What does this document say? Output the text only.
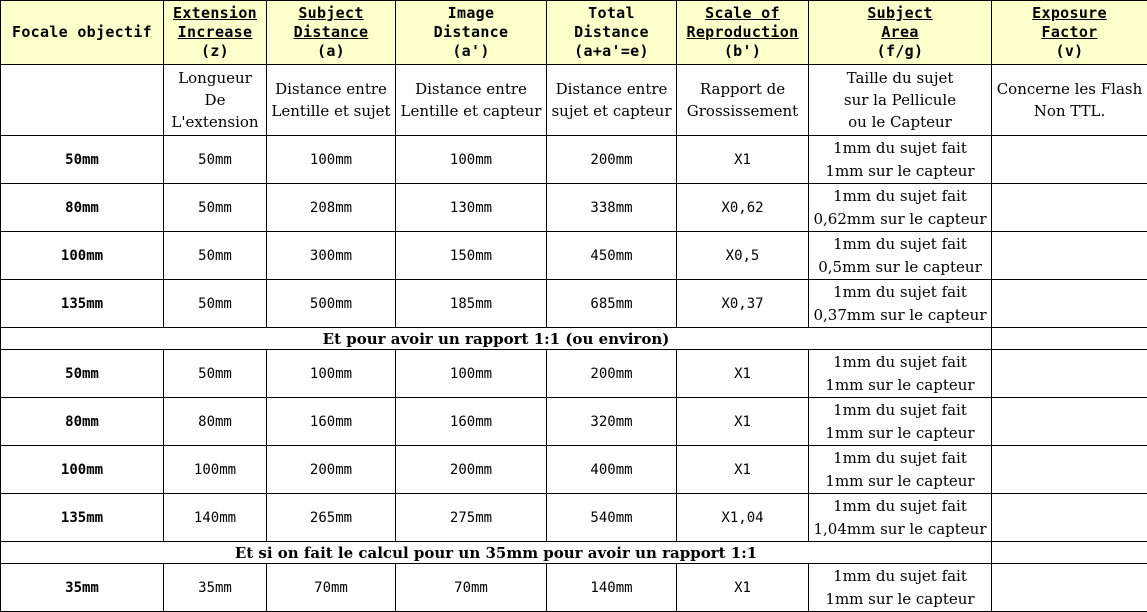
Focale objectif	Extension
Increase
(z)	Subject
Distance
(a)	Image
Distance
(a')	Total
Distance
(a+a'=e)	Scale of
Reproduction
(b')	Subject
Area
(f/g)	Exposure
Factor
(v)

	Longueur
De
L'extension	Distance entre
Lentille et sujet	Distance entre
Lentille et capteur	Distance entre
sujet et capteur	Rapport de
Grossissement	Taille du sujet
sur la Pellicule
ou le Capteur	Concerne les Flash
Non TTL.

50mm	50mm	100mm	100mm	200mm	X1	1mm du sujet fait
1mm sur le capteur	

80mm	50mm	208mm	130mm	338mm	X0,62	1mm du sujet fait
0,62mm sur le capteur	

100mm	50mm	300mm	150mm	450mm	X0,5	1mm du sujet fait
0,5mm sur le capteur	

135mm	50mm	500mm	185mm	685mm	X0,37	1mm du sujet fait
0,37mm sur le capteur	

Et pour avoir un rapport 1:1 (ou environ)							
50mm	50mm	100mm	100mm	200mm	X1	1mm du sujet fait
1mm sur le capteur	

80mm	80mm	160mm	160mm	320mm	X1	1mm du sujet fait
1mm sur le capteur	

100mm	100mm	200mm	200mm	400mm	X1	1mm du sujet fait
1mm sur le capteur	

135mm	140mm	265mm	275mm	540mm	X1,04	1mm du sujet fait
1,04mm sur le capteur	

Et si on fait le calcul pour un 35mm pour avoir un rapport 1:1							
35mm	35mm	70mm	70mm	140mm	X1	1mm du sujet fait
1mm sur le capteur	
